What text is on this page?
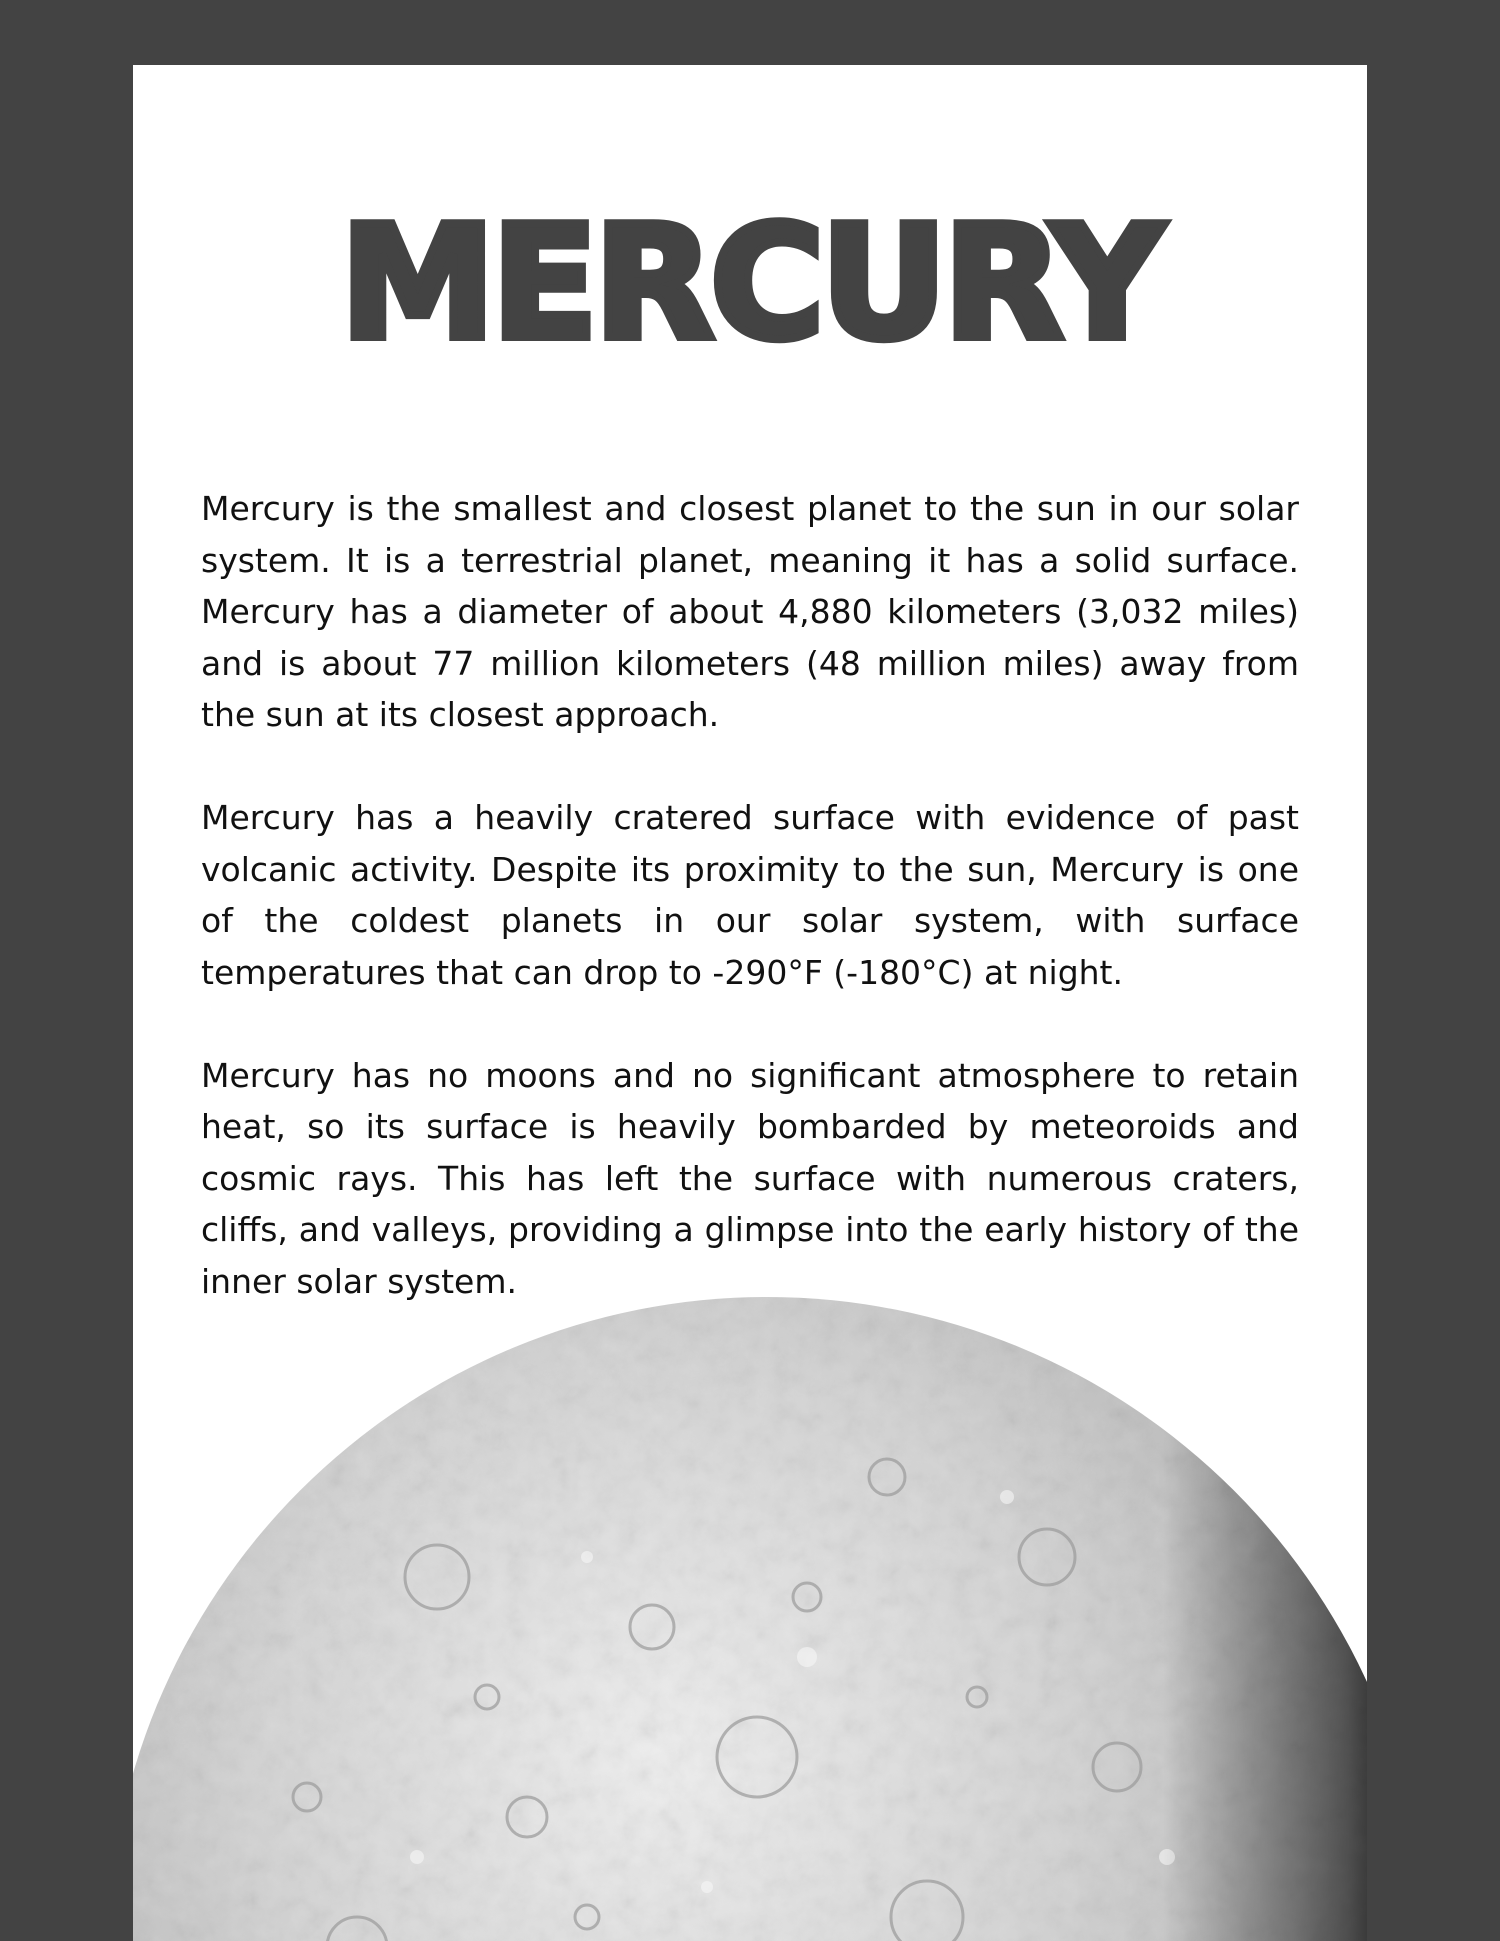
MERCURY

Mercury is the smallest and closest planet to the sun in our solar system. It is a terrestrial planet, meaning it has a solid surface. Mercury has a diameter of about 4,880 kilometers (3,032 miles) and is about 77 million kilometers (48 million miles) away from the sun at its closest approach.

Mercury has a heavily cratered surface with evidence of past volcanic activity. Despite its proximity to the sun, Mercury is one of the coldest planets in our solar system, with surface temperatures that can drop to -290°F (-180°C) at night.

Mercury has no moons and no significant atmosphere to retain heat, so its surface is heavily bombarded by meteoroids and cosmic rays. This has left the surface with numerous craters, cliffs, and valleys, providing a glimpse into the early history of the inner solar system.
